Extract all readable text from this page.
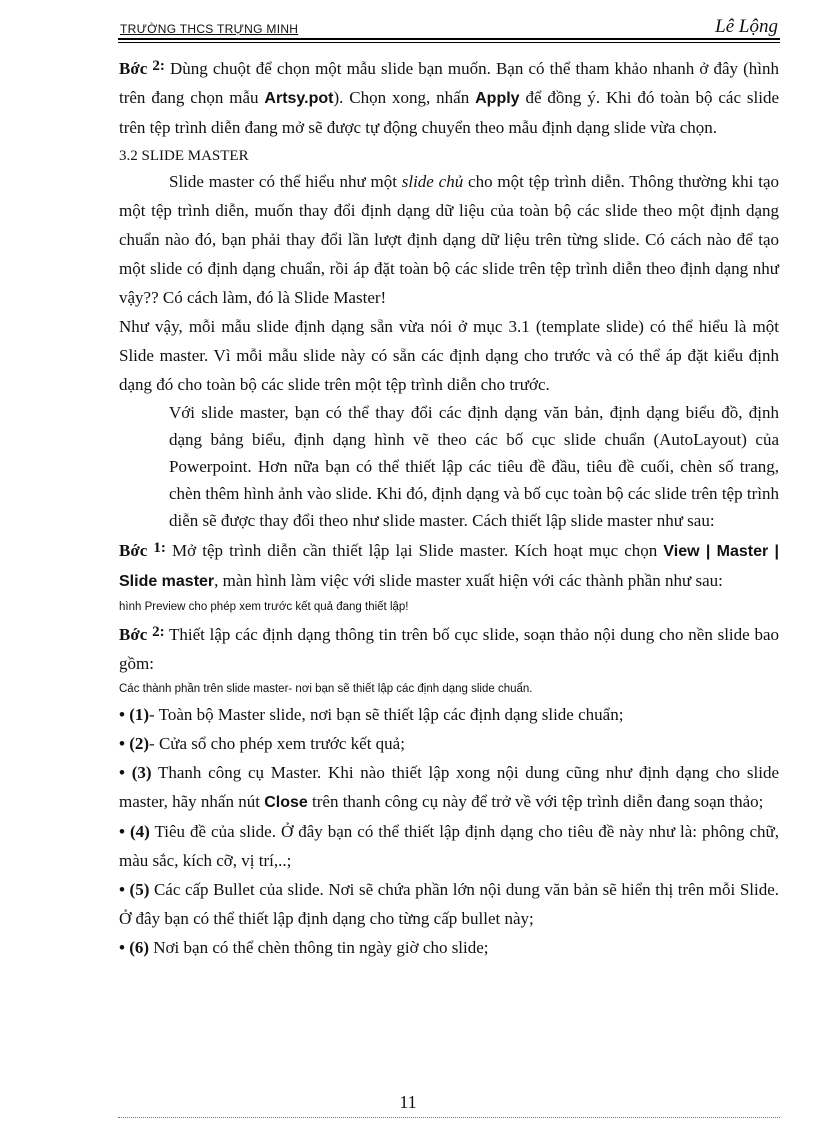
TRƯỜNG THCS TRỰNG MINH	Lê Lộng

Bớc 2: Dùng chuột để chọn một mẫu slide bạn muốn. Bạn có thể tham khảo nhanh ở đây (hình trên đang chọn mẫu Artsy.pot). Chọn xong, nhấn Apply để đồng ý. Khi đó toàn bộ các slide trên tệp trình diễn đang mở sẽ được tự động chuyển theo mẫu định dạng slide vừa chọn.

3.2 SLIDE MASTER

Slide master có thể hiểu như một slide chủ cho một tệp trình diễn. Thông thường khi tạo một tệp trình diễn, muốn thay đổi định dạng dữ liệu của toàn bộ các slide theo một định dạng chuẩn nào đó, bạn phải thay đổi lần lượt định dạng dữ liệu trên từng slide. Có cách nào để tạo một slide có định dạng chuẩn, rồi áp đặt toàn bộ các slide trên tệp trình diễn theo định dạng như vậy?? Có cách làm, đó là Slide Master!

Như vậy, mỗi mẫu slide định dạng sẵn vừa nói ở mục 3.1 (template slide) có thể hiểu là một Slide master. Vì mỗi mẫu slide này có sẵn các định dạng cho trước và có thể áp đặt kiểu định dạng đó cho toàn bộ các slide trên một tệp trình diễn cho trước.

Với slide master, bạn có thể thay đổi các định dạng văn bản, định dạng biểu đồ, định dạng bảng biểu, định dạng hình vẽ theo các bố cục slide chuẩn (AutoLayout) của Powerpoint. Hơn nữa bạn có thể thiết lập các tiêu đề đầu, tiêu đề cuối, chèn số trang, chèn thêm hình ảnh vào slide. Khi đó, định dạng và bố cục toàn bộ các slide trên tệp trình diễn sẽ được thay đổi theo như slide master. Cách thiết lập slide master như sau:

Bớc 1: Mở tệp trình diễn cần thiết lập lại Slide master. Kích hoạt mục chọn View | Master | Slide master, màn hình làm việc với slide master xuất hiện với các thành phần như sau:

hình Preview cho phép xem trước kết quả đang thiết lập!

Bớc 2: Thiết lập các định dạng thông tin trên bố cục slide, soạn thảo nội dung cho nền slide bao gồm:

Các thành phần trên slide master- nơi bạn sẽ thiết lập các định dạng slide chuẩn.

• (1)- Toàn bộ Master slide, nơi bạn sẽ thiết lập các định dạng slide chuẩn;

• (2)- Cửa sổ cho phép xem trước kết quả;

• (3) Thanh công cụ Master. Khi nào thiết lập xong nội dung cũng như định dạng cho slide master, hãy nhấn nút Close trên thanh công cụ này để trở về với tệp trình diễn đang soạn thảo;

• (4) Tiêu đề của slide. Ở đây bạn có thể thiết lập định dạng cho tiêu đề này như là: phông chữ, màu sắc, kích cỡ, vị trí,..;

• (5) Các cấp Bullet của slide. Nơi sẽ chứa phần lớn nội dung văn bản sẽ hiển thị trên mỗi Slide. Ở đây bạn có thể thiết lập định dạng cho từng cấp bullet này;

• (6) Nơi bạn có thể chèn thông tin ngày giờ cho slide;

11
